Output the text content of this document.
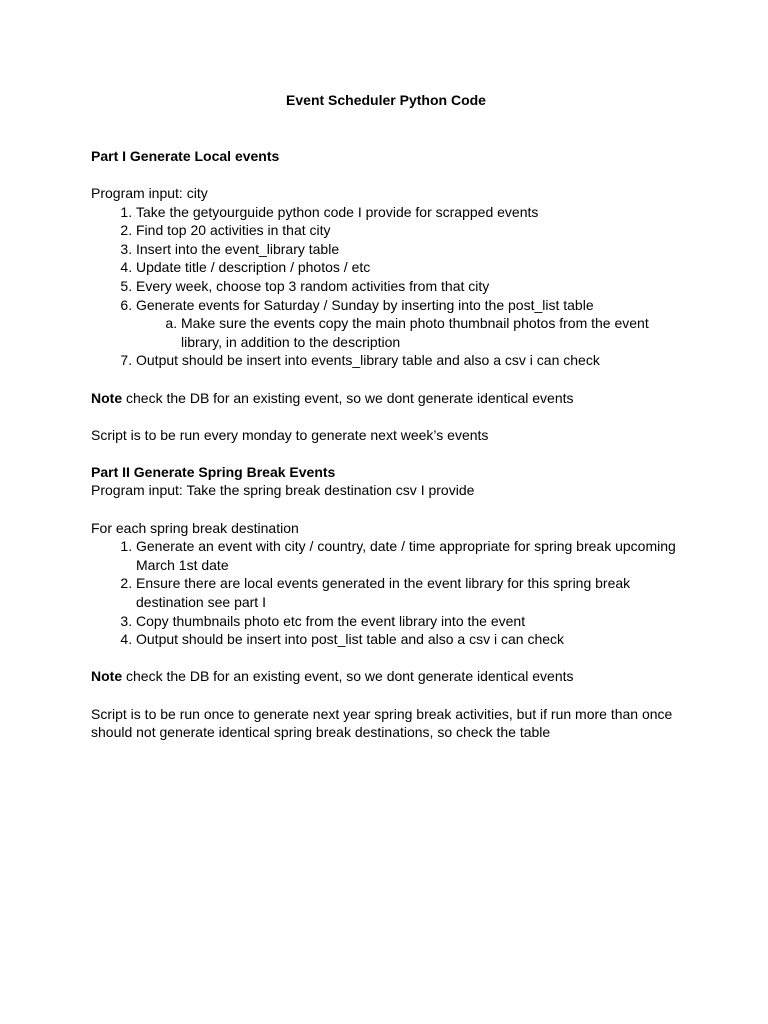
Event Scheduler Python Code

Part I Generate Local events

Program input: city

1. Take the getyourguide python code I provide for scrapped events
2. Find top 20 activities in that city
3. Insert into the event_library table
4. Update title / description / photos / etc
5. Every week, choose top 3 random activities from that city
6. Generate events for Saturday / Sunday by inserting into the post_list table
a. Make sure the events copy the main photo thumbnail photos from the event library, in addition to the description
7. Output should be insert into events_library table and also a csv i can check

Note check the DB for an existing event, so we dont generate identical events

Script is to be run every monday to generate next week’s events

Part II Generate Spring Break Events

Program input: Take the spring break destination csv I provide

For each spring break destination

1. Generate an event with city / country, date / time appropriate for spring break upcoming March 1st date
2. Ensure there are local events generated in the event library for this spring break destination see part I
3. Copy thumbnails photo etc from the event library into the event
4. Output should be insert into post_list table and also a csv i can check

Note check the DB for an existing event, so we dont generate identical events

Script is to be run once to generate next year spring break activities, but if run more than once should not generate identical spring break destinations, so check the table
